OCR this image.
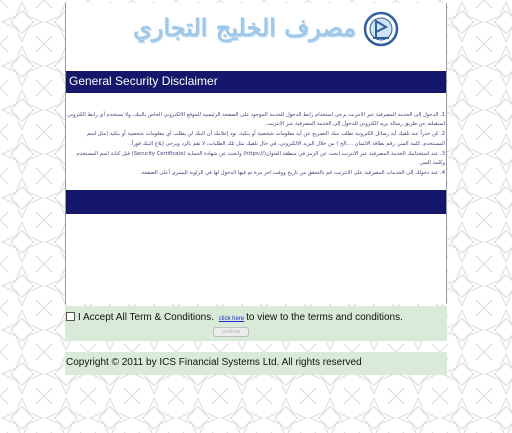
مصرف الخليج التجاري
General Security Disclaimer

1. الدخول إلى الخدمة المصرفية عبر الانترنت يرجى استخدام رابط الدخول للخدمة الموجود على الصفحة الرئيسية للموقع الالكتروني الخاص بالبنك، ولا تستخدم أي رابط الكتروني استقبلته عن طريق رسالة بريد الكتروني للدخول إلى الخدمة المصرفية عبر الانترنت.

2. كن حذراً عند تلقيك أية رسائل الكترونية تطلب منك التصريح عن أية معلومات شخصية أو بنكية، نود إعلامك أن البنك لن يطلب أي معلومات شخصية أو بنكية (مثل اسم المستخدم، كلمة السر، رقم بطاقة الائتمان ....الخ ) من خلال البريد الالكتروني، في حال تلقيك مثل تلك الطلبات، لا تقم بالرد ويرجى إبلاغ البنك فوراً.

3. عند استخدامك الخدمة المصرفية عبر الانترنت ابحث عن الرمز في منطقة العنوان(//:https) وابحث عن شهادة الحماية (Security Certificate) قبل كتابة اسم المستخدم وكلمة السر.

4. عند دخولك إلى الخدمات المصرفية على الانترنت، قم بالتحقق من تاريخ ووقت اخر مرة تم فيها الدخول لها في الزاوية اليسرى أعلى الصفحة.

I Accept All Term & Conditions. click here to view to the terms and conditions.
continue
Copyright © 2011 by ICS Financial Systems Ltd. All rights reserved
